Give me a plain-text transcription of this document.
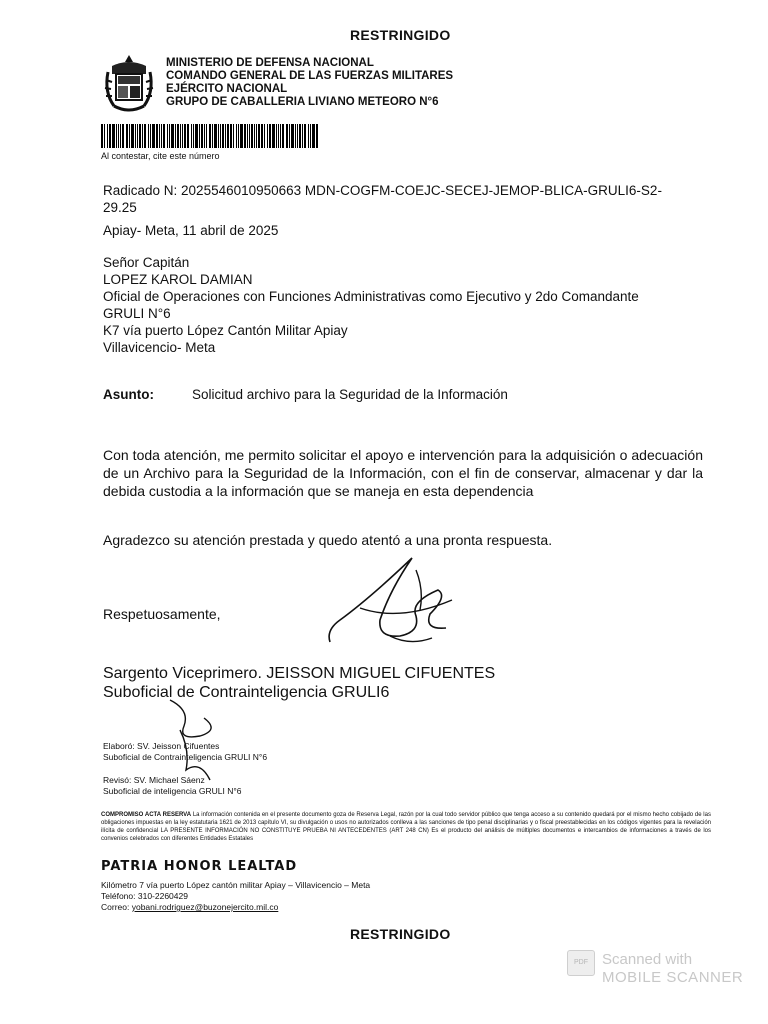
RESTRINGIDO
MINISTERIO DE DEFENSA NACIONAL
COMANDO GENERAL DE LAS FUERZAS MILITARES
EJÉRCITO NACIONAL
GRUPO DE CABALLERIA LIVIANO METEORO N°6
Al contestar, cite este número
Radicado N: 2025546010950663 MDN-COGFM-COEJC-SECEJ-JEMOP-BLICA-GRULI6-S2-
29.25
Apiay- Meta, 11 abril de 2025
Señor Capitán
LOPEZ KAROL DAMIAN
Oficial de Operaciones con Funciones Administrativas como Ejecutivo y 2do Comandante
GRULI N°6
K7 vía puerto López Cantón Militar Apiay
Villavicencio- Meta
Asunto:	Solicitud archivo para la Seguridad de la Información
Con toda atención, me permito solicitar el apoyo e intervención para la adquisición o adecuación de un Archivo para la Seguridad de la Información, con el fin de conservar, almacenar y dar la debida custodia a la información que se maneja en esta dependencia
Agradezco su atención prestada y quedo atentó a una pronta respuesta.
Respetuosamente,
Sargento Viceprimero. JEISSON MIGUEL CIFUENTES
Suboficial de Contrainteligencia GRULI6
Elaboró: SV. Jeisson Cifuentes
Suboficial de Contrainteligencia GRULI N°6
Revisó: SV. Michael Sáenz
Suboficial de inteligencia GRULI N°6
COMPROMISO ACTA RESERVA La información contenida en el presente documento goza de Reserva Legal, razón por la cual todo servidor público que tenga acceso a su contenido quedará por el mismo hecho cobijado de las obligaciones impuestas en la ley estatutaria 1621 de 2013 capítulo VI, su divulgación o usos no autorizados conlleva a las sanciones de tipo penal disciplinarias y o fiscal preestablecidas en los códigos vigentes para la revelación ilícita de confidencial LA PRESENTE INFORMACIÓN NO CONSTITUYE PRUEBA NI ANTECEDENTES (ART 248 CN) Es el producto del análisis de múltiples documentos e intercambios de informaciones a través de los convenios celebrados con diferentes Entidades Estatales
PATRIA HONOR LEALTAD
Kilómetro 7 vía puerto López cantón militar Apiay – Villavicencio – Meta
Teléfono: 310-2260429
Correo: yobani.rodriguez@buzonejercito.mil.co
RESTRINGIDO
PDF Scanned with
MOBILE SCANNER
